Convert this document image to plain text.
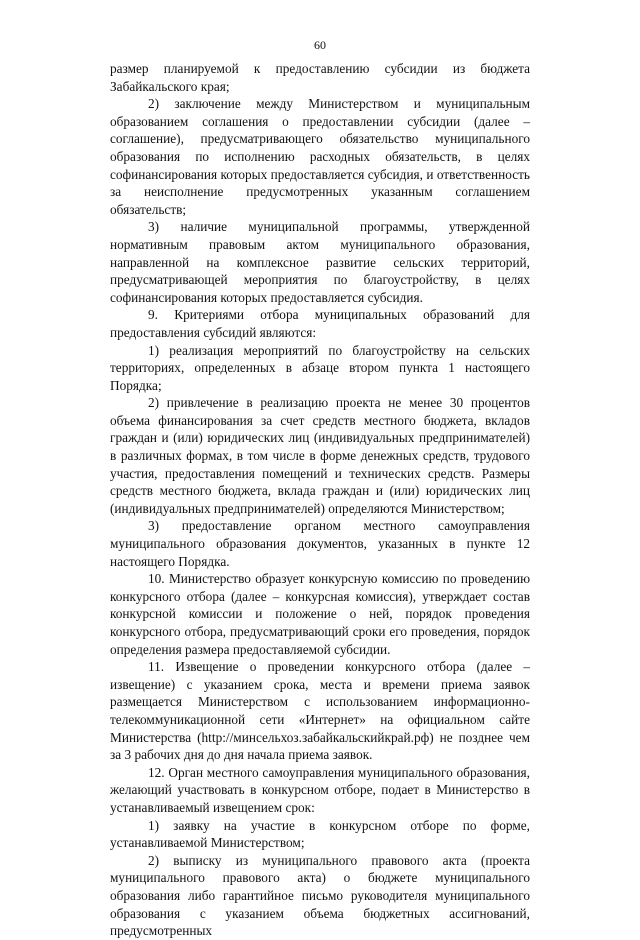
60

размер планируемой к предоставлению субсидии из бюджета Забайкальского края;

2) заключение между Министерством и муниципальным образованием соглашения о предоставлении субсидии (далее – соглашение), предусматривающего обязательство муниципального образования по исполнению расходных обязательств, в целях софинансирования которых предоставляется субсидия, и ответственность за неисполнение предусмотренных указанным соглашением обязательств;

3) наличие муниципальной программы, утвержденной нормативным правовым актом муниципального образования, направленной на комплексное развитие сельских территорий, предусматривающей мероприятия по благоустройству, в целях софинансирования которых предоставляется субсидия.

9. Критериями отбора муниципальных образований для предоставления субсидий являются:

1) реализация мероприятий по благоустройству на сельских территориях, определенных в абзаце втором пункта 1 настоящего Порядка;

2) привлечение в реализацию проекта не менее 30 процентов объема финансирования за счет средств местного бюджета, вкладов граждан и (или) юридических лиц (индивидуальных предпринимателей) в различных формах, в том числе в форме денежных средств, трудового участия, предоставления помещений и технических средств. Размеры средств местного бюджета, вклада граждан и (или) юридических лиц (индивидуальных предпринимателей) определяются Министерством;

3) предоставление органом местного самоуправления муниципального образования документов, указанных в пункте 12 настоящего Порядка.

10. Министерство образует конкурсную комиссию по проведению конкурсного отбора (далее – конкурсная комиссия), утверждает состав конкурсной комиссии и положение о ней, порядок проведения конкурсного отбора, предусматривающий сроки его проведения, порядок определения размера предоставляемой субсидии.

11. Извещение о проведении конкурсного отбора (далее – извещение) с указанием срока, места и времени приема заявок размещается Министерством с использованием информационно-телекоммуникационной сети «Интернет» на официальном сайте Министерства (http://минсельхоз.забайкальскийкрай.рф) не позднее чем за 3 рабочих дня до дня начала приема заявок.

12. Орган местного самоуправления муниципального образования, желающий участвовать в конкурсном отборе, подает в Министерство в устанавливаемый извещением срок:

1) заявку на участие в конкурсном отборе по форме, устанавливаемой Министерством;

2) выписку из муниципального правового акта (проекта муниципального правового акта) о бюджете муниципального образования либо гарантийное письмо руководителя муниципального образования с указанием объема бюджетных ассигнований, предусмотренных
